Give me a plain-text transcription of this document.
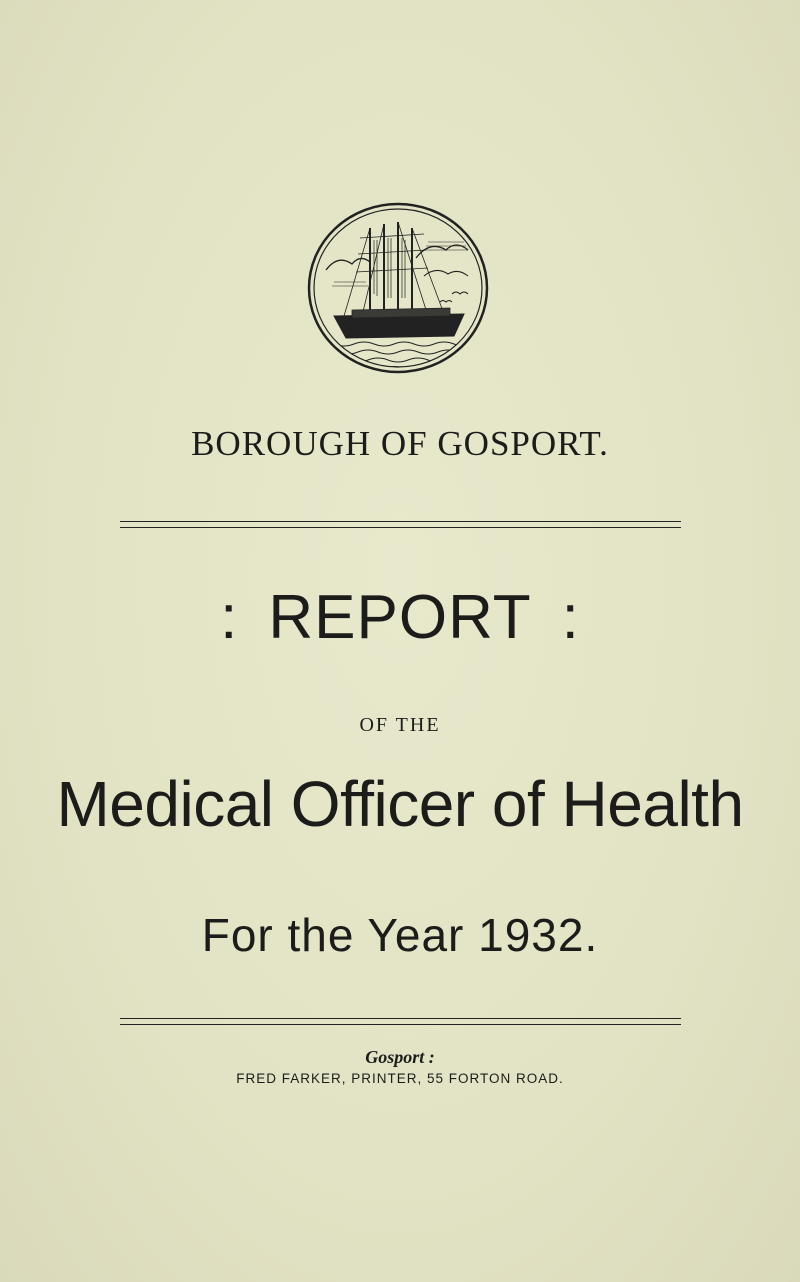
BOROUGH OF GOSPORT.
: REPORT :
OF THE
Medical Officer of Health
For the Year 1932.
Gosport :
FRED FARKER, PRINTER, 55 FORTON ROAD.
